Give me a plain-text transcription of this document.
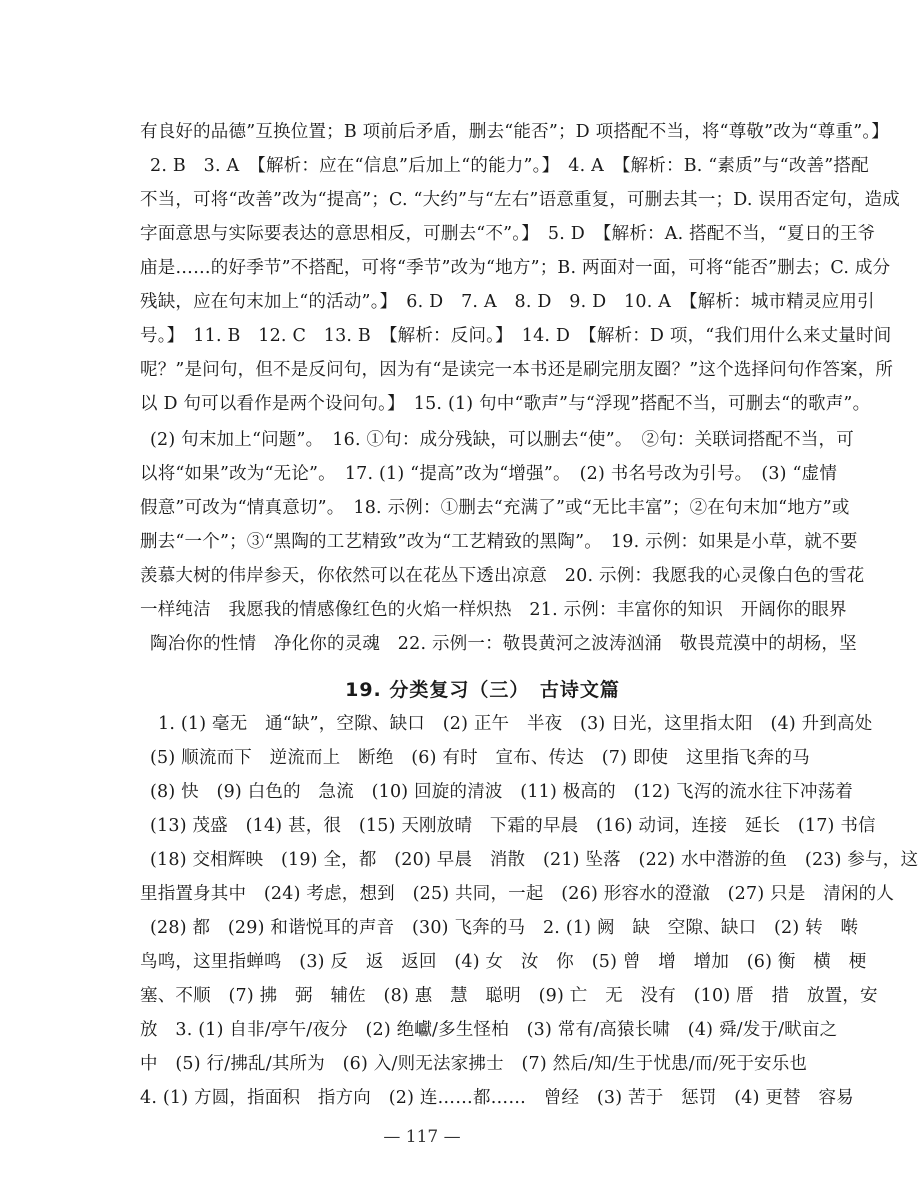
有良好的品德”互换位置；B 项前后矛盾，删去“能否”；D 项搭配不当，将“尊敬”改为“尊重”。】
2. B　3. A　【解析：应在“信息”后加上“的能力”。】　4. A　【解析：B. “素质”与“改善”搭配
不当，可将“改善”改为“提高”；C. “大约”与“左右”语意重复，可删去其一；D. 误用否定句，造成
字面意思与实际要表达的意思相反，可删去“不”。】　5. D　【解析：A. 搭配不当，“夏日的王爷
庙是……的好季节”不搭配，可将“季节”改为“地方”；B. 两面对一面，可将“能否”删去；C. 成分
残缺，应在句末加上“的活动”。】　6. D　7. A　8. D　9. D　10. A　【解析：城市精灵应用引
号。】　11. B　12. C　13. B　【解析：反问。】　14. D　【解析：D 项，“我们用什么来丈量时间
呢？”是问句，但不是反问句，因为有“是读完一本书还是刷完朋友圈？”这个选择问句作答案，所
以 D 句可以看作是两个设问句。】　15. (1) 句中“歌声”与“浮现”搭配不当，可删去“的歌声”。
(2) 句末加上“问题”。　16. ①句：成分残缺，可以删去“使”。　②句：关联词搭配不当，可
以将“如果”改为“无论”。　17. (1) “提高”改为“增强”。　(2) 书名号改为引号。　(3) “虚情
假意”可改为“情真意切”。　18. 示例：①删去“充满了”或“无比丰富”；②在句末加“地方”或
删去“一个”；③“黑陶的工艺精致”改为“工艺精致的黑陶”。　19. 示例：如果是小草，就不要
羡慕大树的伟岸参天，你依然可以在花丛下透出凉意　20. 示例：我愿我的心灵像白色的雪花
一样纯洁　我愿我的情感像红色的火焰一样炽热　21. 示例：丰富你的知识　开阔你的眼界
陶冶你的性情　净化你的灵魂　22. 示例一：敬畏黄河之波涛汹涌　敬畏荒漠中的胡杨，坚
19. 分类复习（三）　古诗文篇
1. (1) 毫无　通“缺”，空隙、缺口　(2) 正午　半夜　(3) 日光，这里指太阳　(4) 升到高处
(5) 顺流而下　逆流而上　断绝　(6) 有时　宣布、传达　(7) 即使　这里指飞奔的马
(8) 快　(9) 白色的　急流　(10) 回旋的清波　(11) 极高的　(12) 飞泻的流水往下冲荡着
(13) 茂盛　(14) 甚，很　(15) 天刚放晴　下霜的早晨　(16) 动词，连接　延长　(17) 书信
(18) 交相辉映　(19) 全，都　(20) 早晨　消散　(21) 坠落　(22) 水中潜游的鱼　(23) 参与，这
里指置身其中　(24) 考虑，想到　(25) 共同，一起　(26) 形容水的澄澈　(27) 只是　清闲的人
(28) 都　(29) 和谐悦耳的声音　(30) 飞奔的马　2. (1) 阙　缺　空隙、缺口　(2) 转　啭
鸟鸣，这里指蝉鸣　(3) 反　返　返回　(4) 女　汝　你　(5) 曾　增　增加　(6) 衡　横　梗
塞、不顺　(7) 拂　弼　辅佐　(8) 惠　慧　聪明　(9) 亡　无　没有　(10) 厝　措　放置，安
放　3. (1) 自非/亭午/夜分　(2) 绝巘/多生怪柏　(3) 常有/高猿长啸　(4) 舜/发于/畎亩之
中　(5) 行/拂乱/其所为　(6) 入/则无法家拂士　(7) 然后/知/生于忧患/而/死于安乐也
4. (1) 方圆，指面积　指方向　(2) 连……都……　曾经　(3) 苦于　惩罚　(4) 更替　容易
— 117 —
